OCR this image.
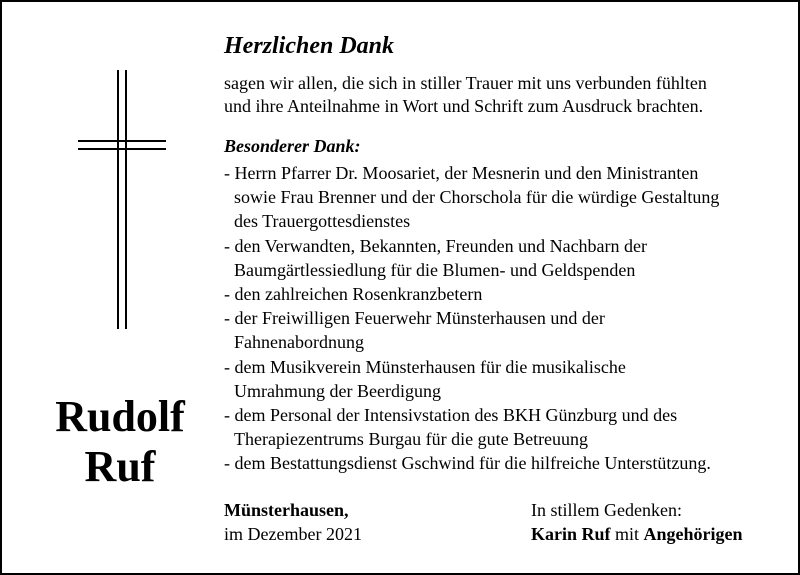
Rudolf
Ruf
Herzlichen Dank
sagen wir allen, die sich in stiller Trauer mit uns verbunden fühlten
und ihre Anteilnahme in Wort und Schrift zum Ausdruck brachten.
Besonderer Dank:
- Herrn Pfarrer Dr. Moosariet, der Mesnerin und den Ministranten
sowie Frau Brenner und der Chorschola für die würdige Gestaltung
des Trauergottesdienstes
- den Verwandten, Bekannten, Freunden und Nachbarn der
Baumgärtlessiedlung für die Blumen- und Geldspenden
- den zahlreichen Rosenkranzbetern
- der Freiwilligen Feuerwehr Münsterhausen und der
Fahnenabordnung
- dem Musikverein Münsterhausen für die musikalische
Umrahmung der Beerdigung
- dem Personal der Intensivstation des BKH Günzburg und des
Therapiezentrums Burgau für die gute Betreuung
- dem Bestattungsdienst Gschwind für die hilfreiche Unterstützung.
Münsterhausen,
im Dezember 2021
In stillem Gedenken:
Karin Ruf mit Angehörigen
